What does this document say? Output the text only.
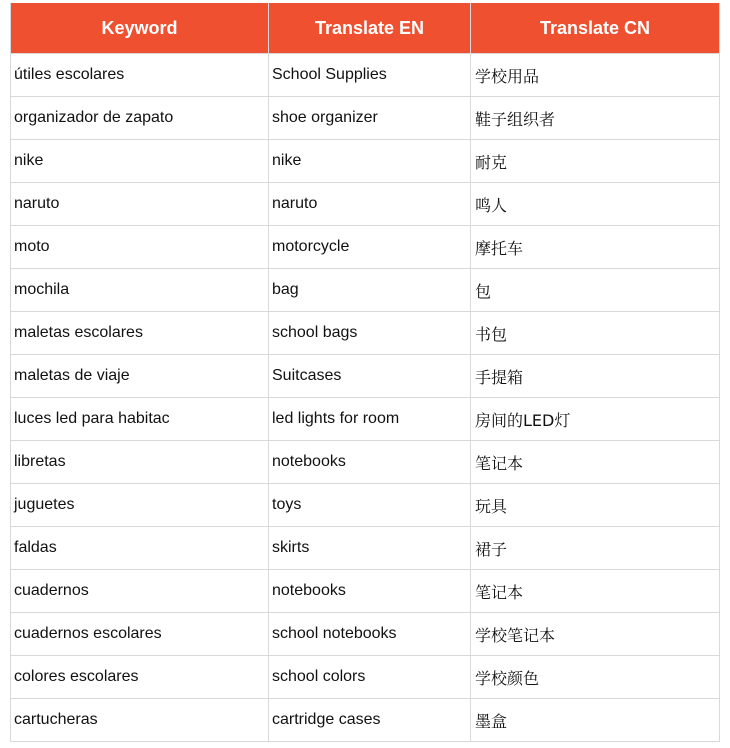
Keyword	Translate EN	Translate CN
útiles escolares	School Supplies	学校用品
organizador de zapato	shoe organizer	鞋子组织者
nike	nike	耐克
naruto	naruto	鸣人
moto	motorcycle	摩托车
mochila	bag	包
maletas escolares	school bags	书包
maletas de viaje	Suitcases	手提箱
luces led para habitac	led lights for room	房间的LED灯
libretas	notebooks	笔记本
juguetes	toys	玩具
faldas	skirts	裙子
cuadernos	notebooks	笔记本
cuadernos escolares	school notebooks	学校笔记本
colores escolares	school colors	学校颜色
cartucheras	cartridge cases	墨盒
